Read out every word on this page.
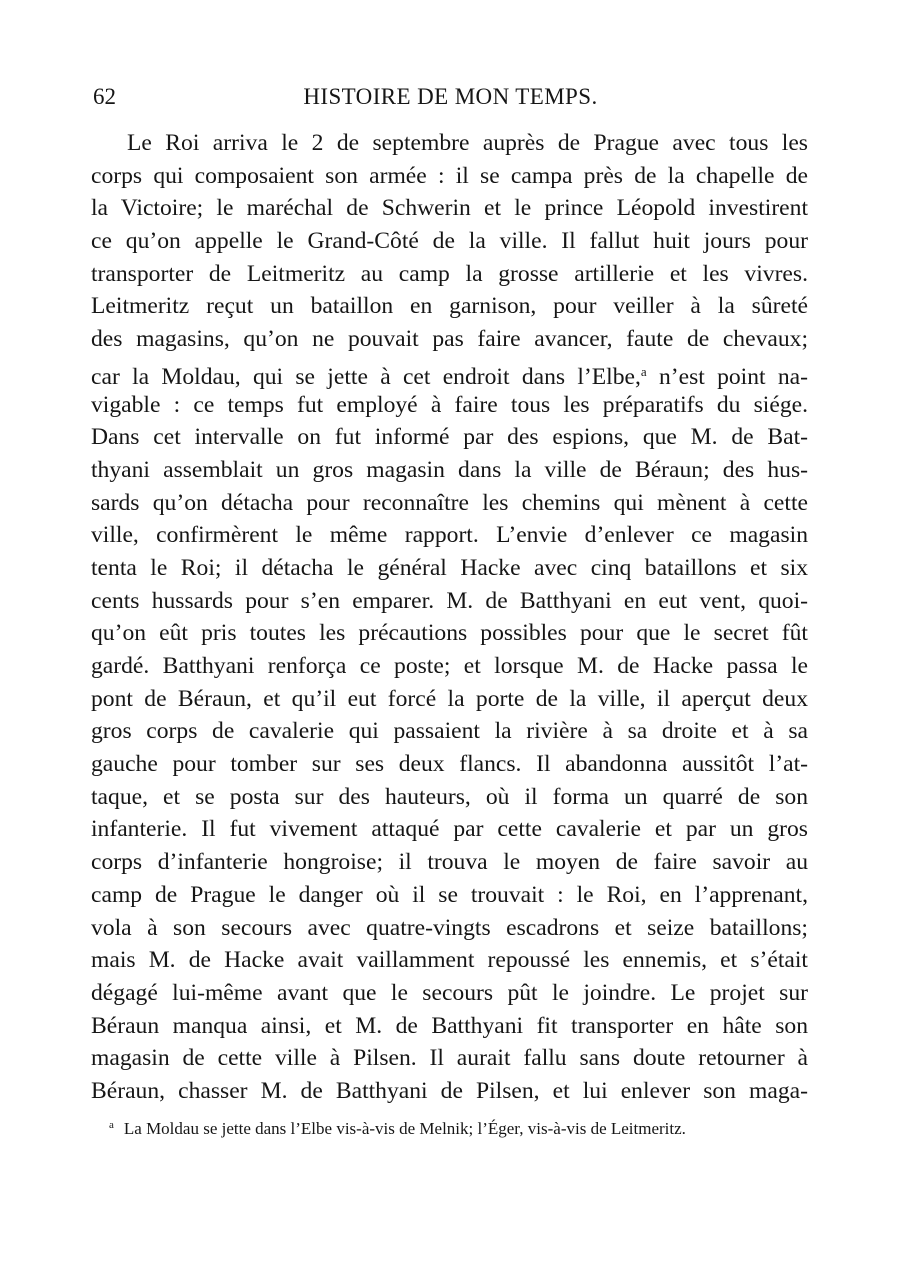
62	HISTOIRE DE MON TEMPS.
Le Roi arriva le 2 de septembre auprès de Prague avec tous les
corps qui composaient son armée : il se campa près de la chapelle de
la Victoire; le maréchal de Schwerin et le prince Léopold investirent
ce qu’on appelle le Grand-Côté de la ville. Il fallut huit jours pour
transporter de Leitmeritz au camp la grosse artillerie et les vivres.
Leitmeritz reçut un bataillon en garnison, pour veiller à la sûreté
des magasins, qu’on ne pouvait pas faire avancer, faute de chevaux;
car la Moldau, qui se jette à cet endroit dans l’Elbe,$^a$ n’est point na-
vigable : ce temps fut employé à faire tous les préparatifs du siége.
Dans cet intervalle on fut informé par des espions, que M. de Bat-
thyani assemblait un gros magasin dans la ville de Béraun; des hus-
sards qu’on détacha pour reconnaître les chemins qui mènent à cette
ville, confirmèrent le même rapport. L’envie d’enlever ce magasin
tenta le Roi; il détacha le général Hacke avec cinq bataillons et six
cents hussards pour s’en emparer. M. de Batthyani en eut vent, quoi-
qu’on eût pris toutes les précautions possibles pour que le secret fût
gardé. Batthyani renforça ce poste; et lorsque M. de Hacke passa le
pont de Béraun, et qu’il eut forcé la porte de la ville, il aperçut deux
gros corps de cavalerie qui passaient la rivière à sa droite et à sa
gauche pour tomber sur ses deux flancs. Il abandonna aussitôt l’at-
taque, et se posta sur des hauteurs, où il forma un quarré de son
infanterie. Il fut vivement attaqué par cette cavalerie et par un gros
corps d’infanterie hongroise; il trouva le moyen de faire savoir au
camp de Prague le danger où il se trouvait : le Roi, en l’apprenant,
vola à son secours avec quatre-vingts escadrons et seize bataillons;
mais M. de Hacke avait vaillamment repoussé les ennemis, et s’était
dégagé lui-même avant que le secours pût le joindre. Le projet sur
Béraun manqua ainsi, et M. de Batthyani fit transporter en hâte son
magasin de cette ville à Pilsen. Il aurait fallu sans doute retourner à
Béraun, chasser M. de Batthyani de Pilsen, et lui enlever son maga-
a La Moldau se jette dans l’Elbe vis-à-vis de Melnik; l’Éger, vis-à-vis de Leitmeritz.
